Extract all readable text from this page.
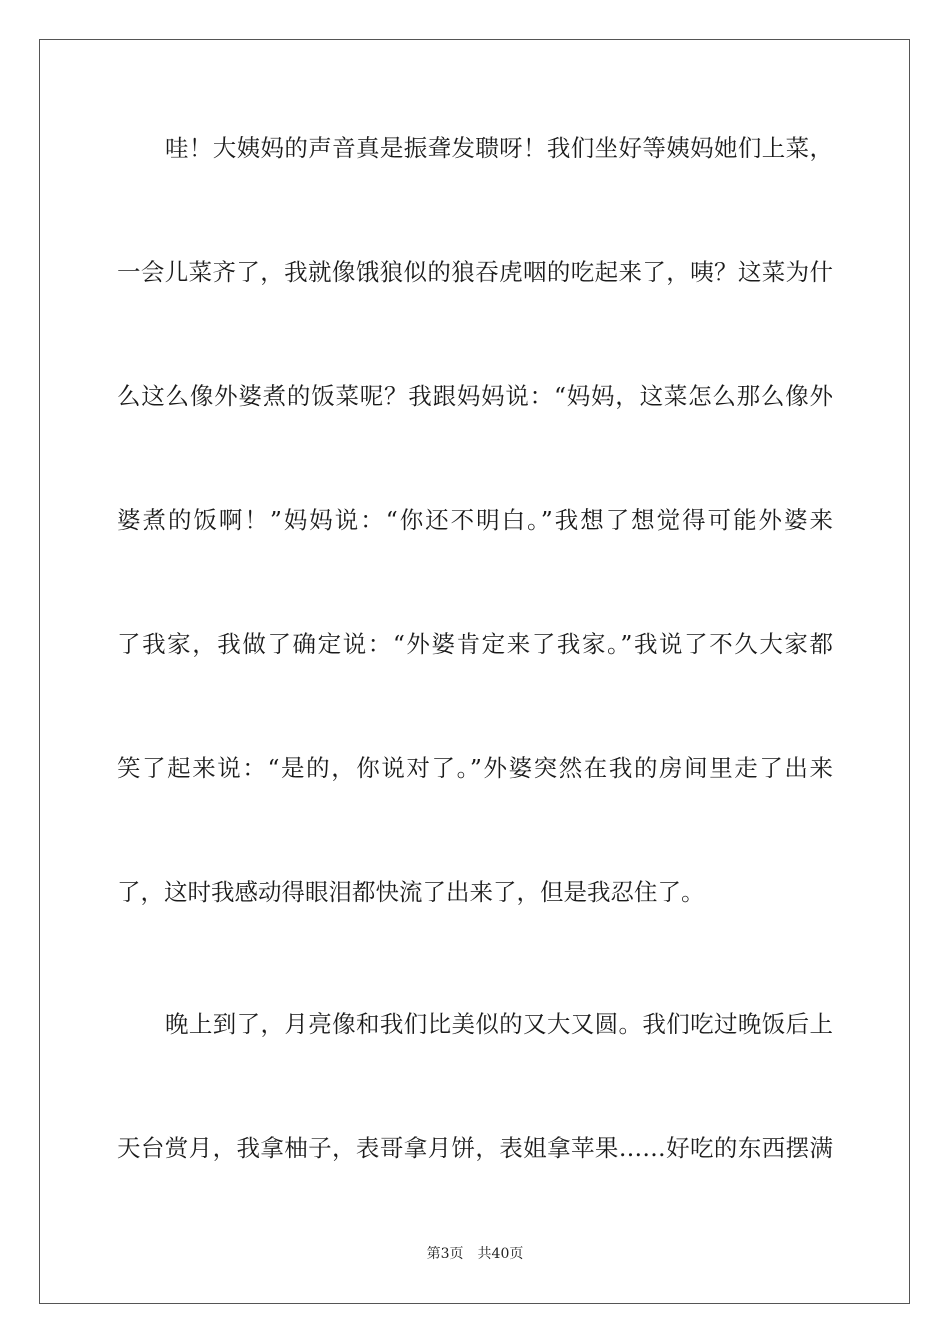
哇！大姨妈的声音真是振聋发聩呀！我们坐好等姨妈她们上菜，
一会儿菜齐了，我就像饿狼似的狼吞虎咽的吃起来了，咦？这菜为什
么这么像外婆煮的饭菜呢？我跟妈妈说：“妈妈，这菜怎么那么像外
婆煮的饭啊！”妈妈说：“你还不明白。”我想了想觉得可能外婆来
了我家，我做了确定说：“外婆肯定来了我家。”我说了不久大家都
笑了起来说：“是的，你说对了。”外婆突然在我的房间里走了出来
了，这时我感动得眼泪都快流了出来了，但是我忍住了。
晚上到了，月亮像和我们比美似的又大又圆。我们吃过晚饭后上
天台赏月，我拿柚子，表哥拿月饼，表姐拿苹果……好吃的东西摆满
第3页 共40页
